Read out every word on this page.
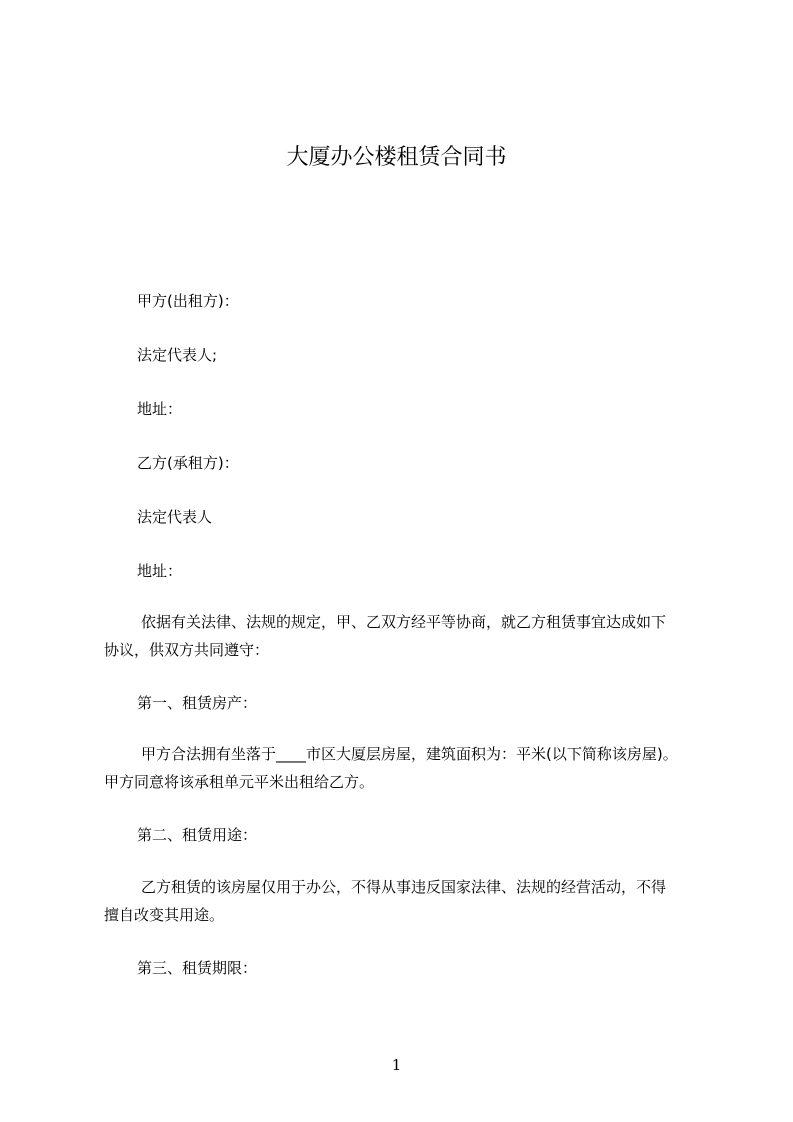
大厦办公楼租赁合同书
甲方(出租方)：
法定代表人;
地址：
乙方(承租方)：
法定代表人
地址：
依据有关法律、法规的规定，甲、乙双方经平等协商，就乙方租赁事宜达成如下
协议，供双方共同遵守：
第一、租赁房产：
甲方合法拥有坐落于____市区大厦层房屋，建筑面积为：平米(以下简称该房屋)。
甲方同意将该承租单元平米出租给乙方。
第二、租赁用途：
乙方租赁的该房屋仅用于办公，不得从事违反国家法律、法规的经营活动，不得
擅自改变其用途。
第三、租赁期限：
1
